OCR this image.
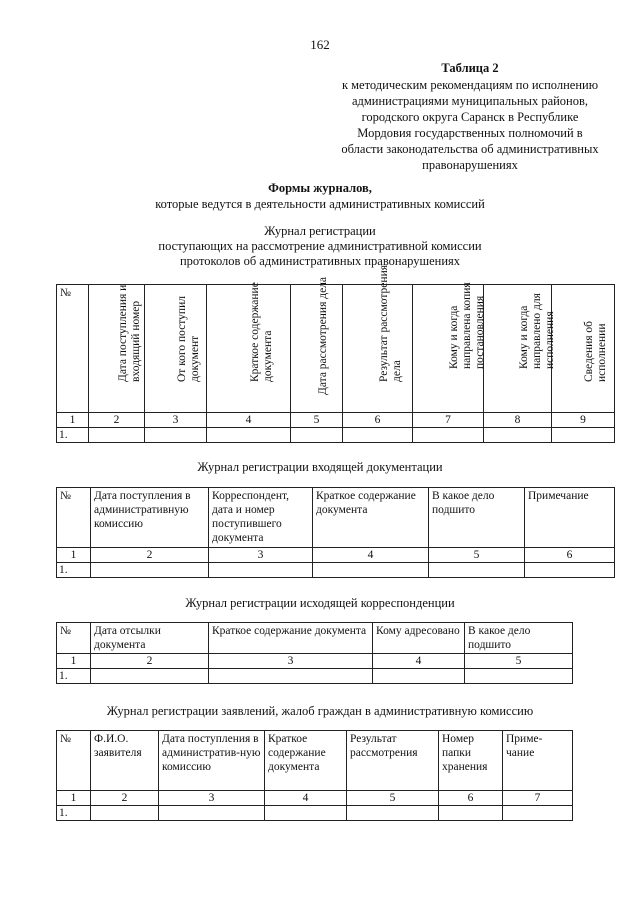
162
Таблица 2
к методическим рекомендациям по исполнению
администрациями муниципальных районов,
городского округа Саранск в Республике
Мордовия государственных полномочий в
области законодательства об административных
правонарушениях
Формы журналов,
которые ведутся в деятельности административных комиссий
Журнал регистрации
поступающих на рассмотрение административной комиссии
протоколов об административных правонарушениях
№	Дата поступления и входящий номер	От кого поступил документ	Краткое содержание документа	Дата рассмотрения дела	Результат рассмотрения дела	Кому и когда направлена копия постановления	Кому и когда направлено для исполнения	Сведения об исполнении

1	2	3	4	5	6	7	8	9
1.								
Журнал регистрации входящей документации
№	Дата поступления в административную комиссию	Корреспондент, дата и номер поступившего документа	Краткое содержание документа	В какое дело подшито	Примечание
1	2	3	4	5	6
1.					
Журнал регистрации исходящей корреспонденции
№	Дата отсылки документа	Краткое содержание документа	Кому адресовано	В какое дело подшито
1	2	3	4	5
1.				
Журнал регистрации заявлений, жалоб граждан в административную комиссию
№	Ф.И.О. заявителя	Дата поступления в административ-ную комиссию	Краткое содержание документа	Результат рассмотрения	Номер папки хранения	Приме-чание
1	2	3	4	5	6	7
1.						
